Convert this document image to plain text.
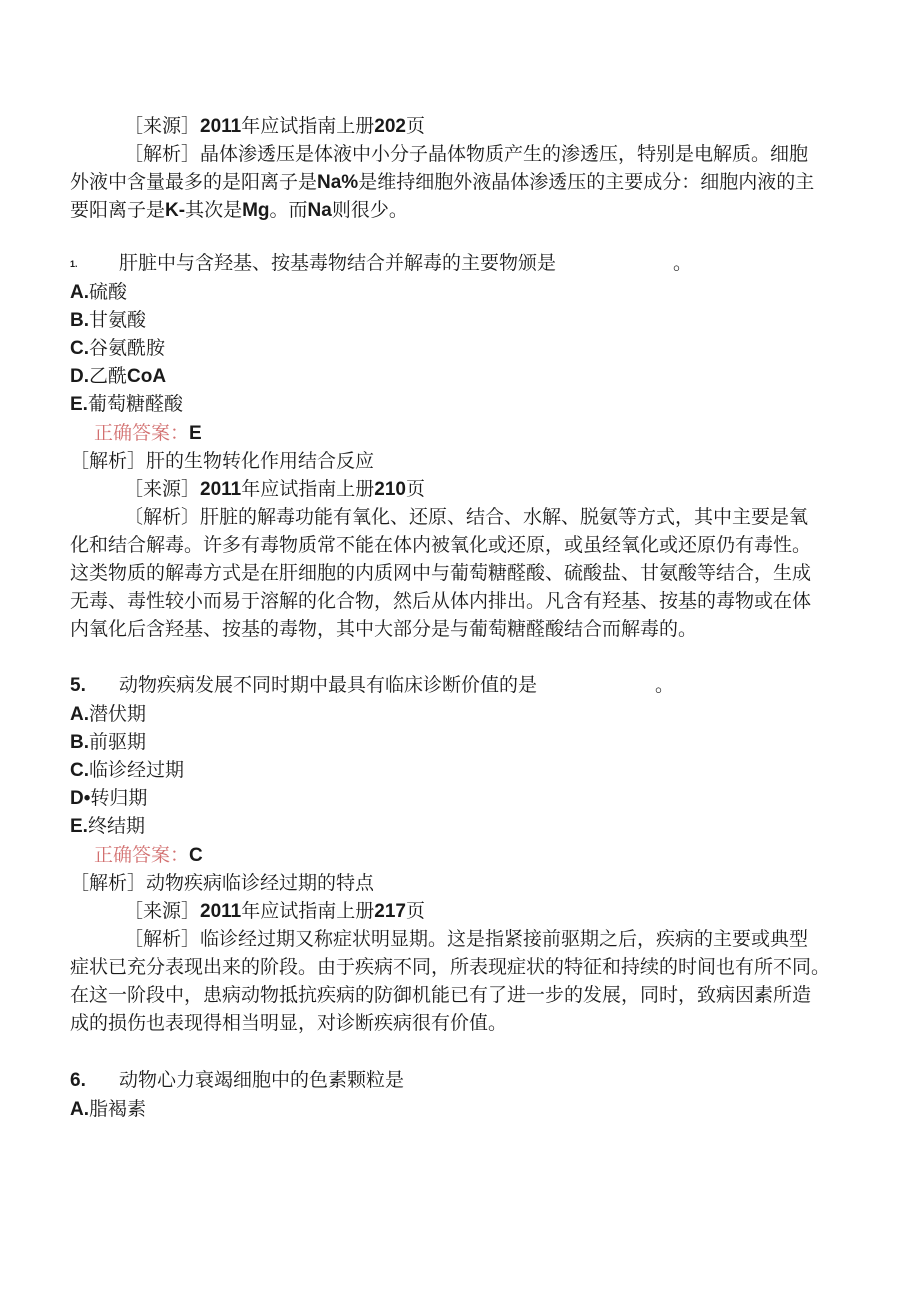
［来源］2011年应试指南上册202页
［解析］晶体渗透压是体液中小分子晶体物质产生的渗透压，特别是电解质。细胞
外液中含量最多的是阳离子是Na%是维持细胞外液晶体渗透压的主要成分：细胞内液的主
要阳离子是K-其次是Mg。而Na则很少。
1. 肝脏中与含羟基、按基毒物结合并解毒的主要物颁是	。
A.硫酸
B.甘氨酸
C.谷氨酰胺
D.乙酰CoA
E.葡萄糖醛酸
正确答案：E
［解析］肝的生物转化作用结合反应
［来源］2011年应试指南上册210页
〔解析〕肝脏的解毒功能有氧化、还原、结合、水解、脱氨等方式，其中主要是氧
化和结合解毒。许多有毒物质常不能在体内被氧化或还原，或虽经氧化或还原仍有毒性。
这类物质的解毒方式是在肝细胞的内质网中与葡萄糖醛酸、硫酸盐、甘氨酸等结合，生成
无毒、毒性较小而易于溶解的化合物，然后从体内排出。凡含有羟基、按基的毒物或在体
内氧化后含羟基、按基的毒物，其中大部分是与葡萄糖醛酸结合而解毒的。
5. 动物疾病发展不同时期中最具有临床诊断价值的是	。
A.潜伏期
B.前驱期
C.临诊经过期
D•转归期
E.终结期
正确答案：C
［解析］动物疾病临诊经过期的特点
［来源］2011年应试指南上册217页
［解析］临诊经过期又称症状明显期。这是指紧接前驱期之后，疾病的主要或典型
症状已充分表现出来的阶段。由于疾病不同，所表现症状的特征和持续的时间也有所不同。
在这一阶段中，患病动物抵抗疾病的防御机能已有了进一步的发展，同时，致病因素所造
成的损伤也表现得相当明显，对诊断疾病很有价值。
6. 动物心力衰竭细胞中的色素颗粒是
A.脂褐素
